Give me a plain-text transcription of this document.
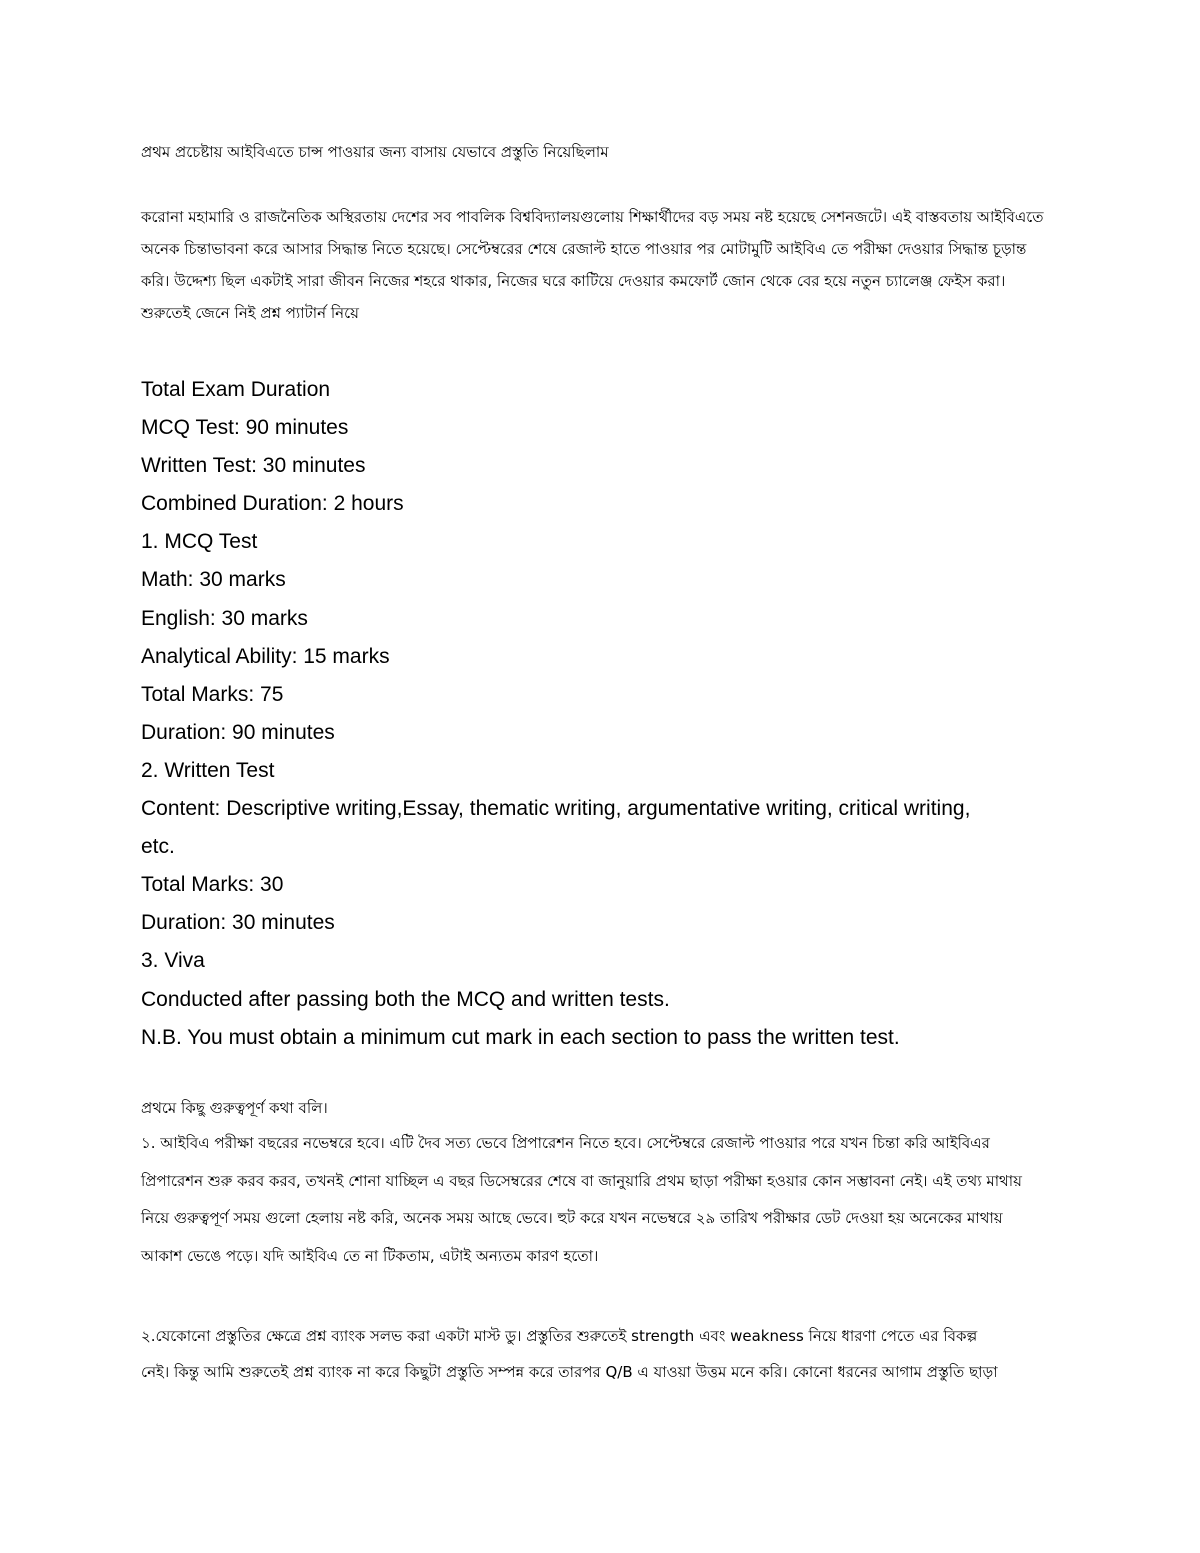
প্রথম প্রচেষ্টায় আইবিএতে চান্স পাওয়ার জন্য বাসায় যেভাবে প্রস্তুতি নিয়েছিলাম
করোনা মহামারি ও রাজনৈতিক অস্থিরতায় দেশের সব পাবলিক বিশ্ববিদ্যালয়গুলোয় শিক্ষার্থীদের বড় সময় নষ্ট হয়েছে সেশনজটে। এই বাস্তবতায় আইবিএতে
অনেক চিন্তাভাবনা করে আসার সিদ্ধান্ত নিতে হয়েছে। সেপ্টেম্বরের শেষে রেজাল্ট হাতে পাওয়ার পর মোটামুটি আইবিএ তে পরীক্ষা দেওয়ার সিদ্ধান্ত চূড়ান্ত
করি। উদ্দেশ্য ছিল একটাই সারা জীবন নিজের শহরে থাকার, নিজের ঘরে কাটিয়ে দেওয়ার কমফোর্ট জোন থেকে বের হয়ে নতুন চ্যালেঞ্জ ফেইস করা।
শুরুতেই জেনে নিই প্রশ্ন প্যাটার্ন নিয়ে
Total Exam Duration
MCQ Test: 90 minutes
Written Test: 30 minutes
Combined Duration: 2 hours
1. MCQ Test
Math: 30 marks
English: 30 marks
Analytical Ability: 15 marks
Total Marks: 75
Duration: 90 minutes
2. Written Test
Content: Descriptive writing,Essay, thematic writing, argumentative writing, critical writing,
etc.
Total Marks: 30
Duration: 30 minutes
3. Viva
Conducted after passing both the MCQ and written tests.
N.B. You must obtain a minimum cut mark in each section to pass the written test.
প্রথমে কিছু গুরুত্বপূর্ণ কথা বলি।
১. আইবিএ পরীক্ষা বছরের নভেম্বরে হবে। এটি দৈব সত্য ভেবে প্রিপারেশন নিতে হবে। সেপ্টেম্বরে রেজাল্ট পাওয়ার পরে যখন চিন্তা করি আইবিএর
প্রিপারেশন শুরু করব করব, তখনই শোনা যাচ্ছিল এ বছর ডিসেম্বরের শেষে বা জানুয়ারি প্রথম ছাড়া পরীক্ষা হওয়ার কোন সম্ভাবনা নেই। এই তথ্য মাথায়
নিয়ে গুরুত্বপূর্ণ সময় গুলো হেলায় নষ্ট করি, অনেক সময় আছে ভেবে। হুট করে যখন নভেম্বরে ২৯ তারিখ পরীক্ষার ডেট দেওয়া হয় অনেকের মাথায়
আকাশ ভেঙে পড়ে। যদি আইবিএ তে না টিকতাম, এটাই অন্যতম কারণ হতো।
২.যেকোনো প্রস্তুতির ক্ষেত্রে প্রশ্ন ব্যাংক সলভ করা একটা মাস্ট ডু। প্রস্তুতির শুরুতেই strength এবং weakness নিয়ে ধারণা পেতে এর বিকল্প
নেই। কিন্তু আমি শুরুতেই প্রশ্ন ব্যাংক না করে কিছুটা প্রস্তুতি সম্পন্ন করে তারপর Q/B এ যাওয়া উত্তম মনে করি। কোনো ধরনের আগাম প্রস্তুতি ছাড়া
